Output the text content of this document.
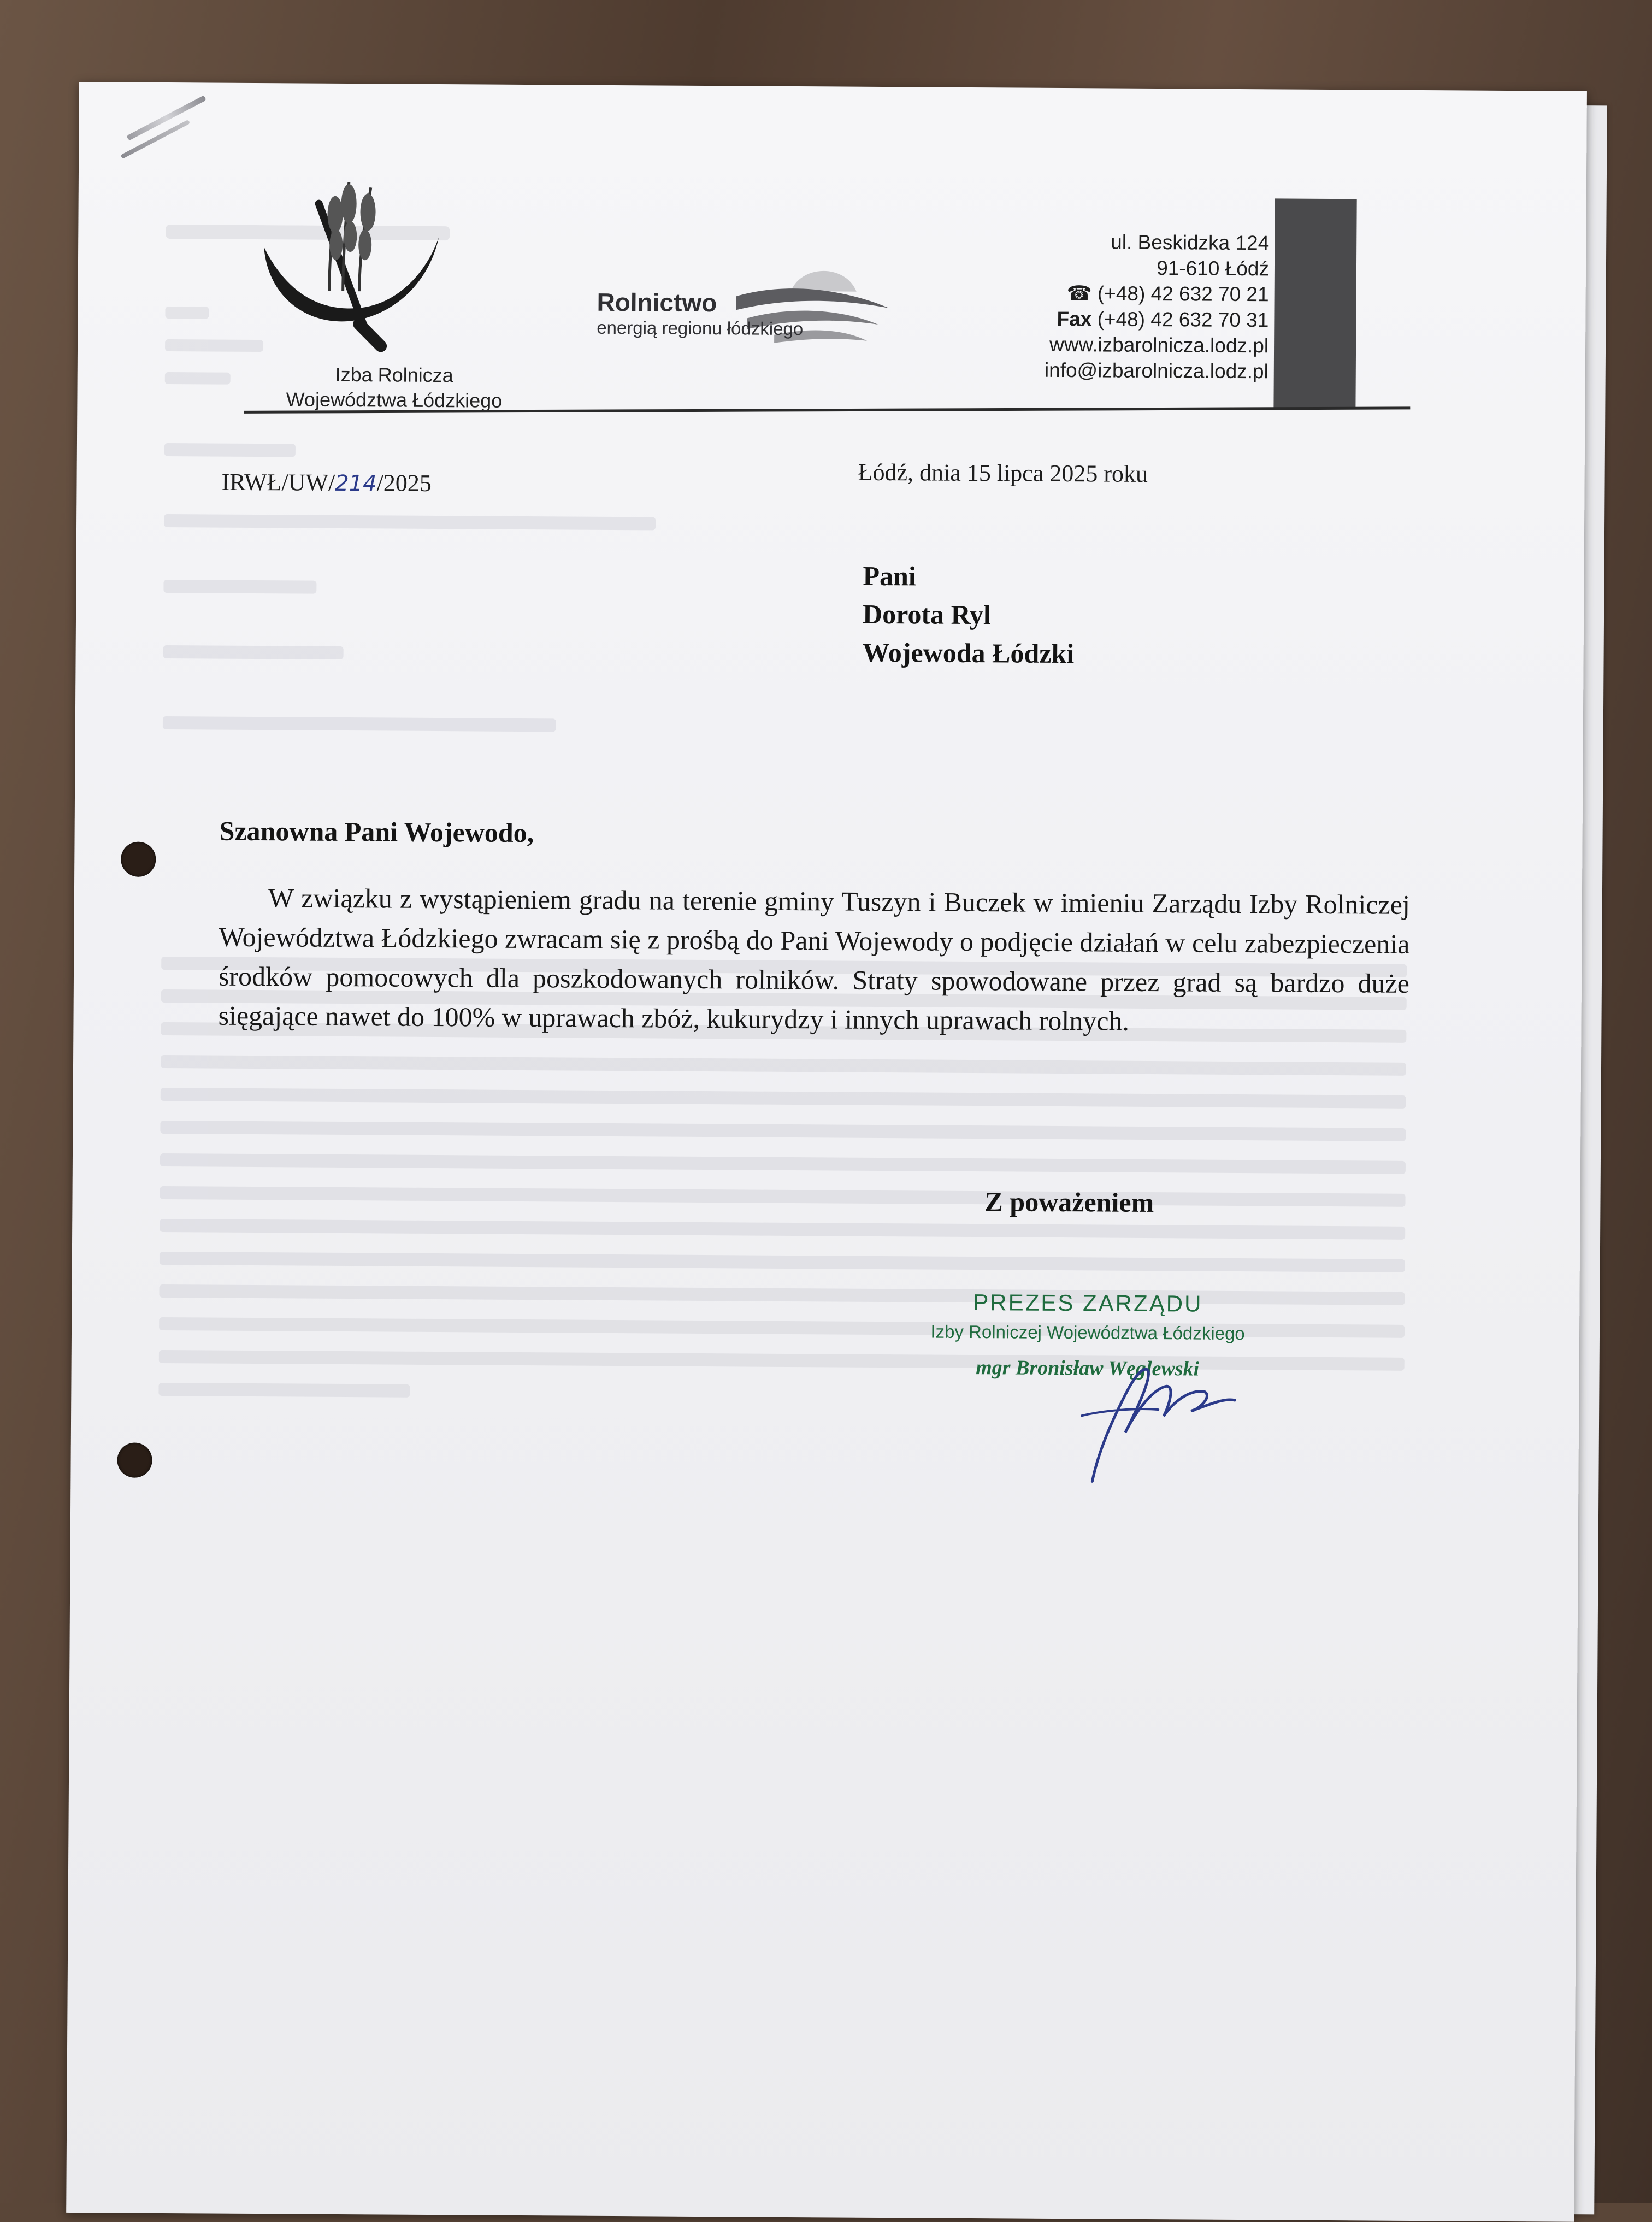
Izba Rolnicza
Województwa Łódzkiego
Rolnictwo
energią regionu łódzkiego
ul. Beskidzka 124
91-610 Łódź
☎ (+48) 42 632 70 21
Fax (+48) 42 632 70 31
www.izbarolnicza.lodz.pl
info@izbarolnicza.lodz.pl
IRWŁ/UW/214/2025	Łódź, dnia 15 lipca 2025 roku
Pani
Dorota Ryl
Wojewoda Łódzki
Szanowna Pani Wojewodo,
W związku z wystąpieniem gradu na terenie gminy Tuszyn i Buczek w imieniu Zarządu Izby Rolniczej Województwa Łódzkiego zwracam się z prośbą do Pani Wojewody o podjęcie działań w celu zabezpieczenia środków pomocowych dla poszkodowanych rolników. Straty spowodowane przez grad są bardzo duże sięgające nawet do 100% w uprawach zbóż, kukurydzy i innych uprawach rolnych.
Z poważeniem
PREZES ZARZĄDU
Izby Rolniczej Województwa Łódzkiego
mgr Bronisław Węglewski
